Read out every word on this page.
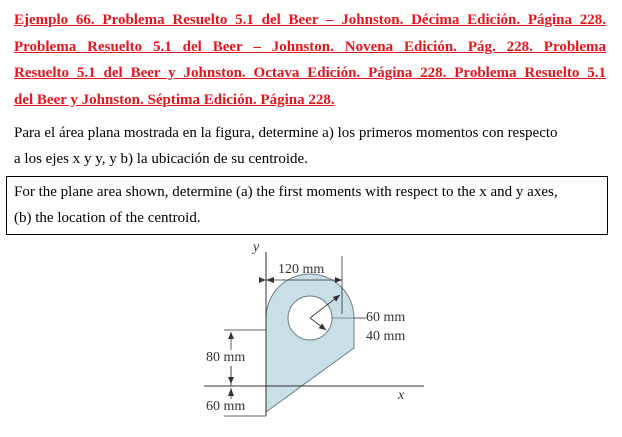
Ejemplo 66. Problema Resuelto 5.1 del Beer – Johnston. Décima Edición. Página 228.
Problema Resuelto 5.1 del Beer – Johnston. Novena Edición. Pág. 228. Problema
Resuelto 5.1 del Beer y Johnston. Octava Edición. Página 228. Problema Resuelto 5.1
del Beer y Johnston. Séptima Edición. Página 228.
Para el área plana mostrada en la figura, determine a) los primeros momentos con respecto
a los ejes x y y, y b) la ubicación de su centroide.
For the plane area shown, determine (a) the first moments with respect to the x and y axes,
(b) the location of the centroid.
y
x
120 mm
60 mm
40 mm
80 mm
60 mm
